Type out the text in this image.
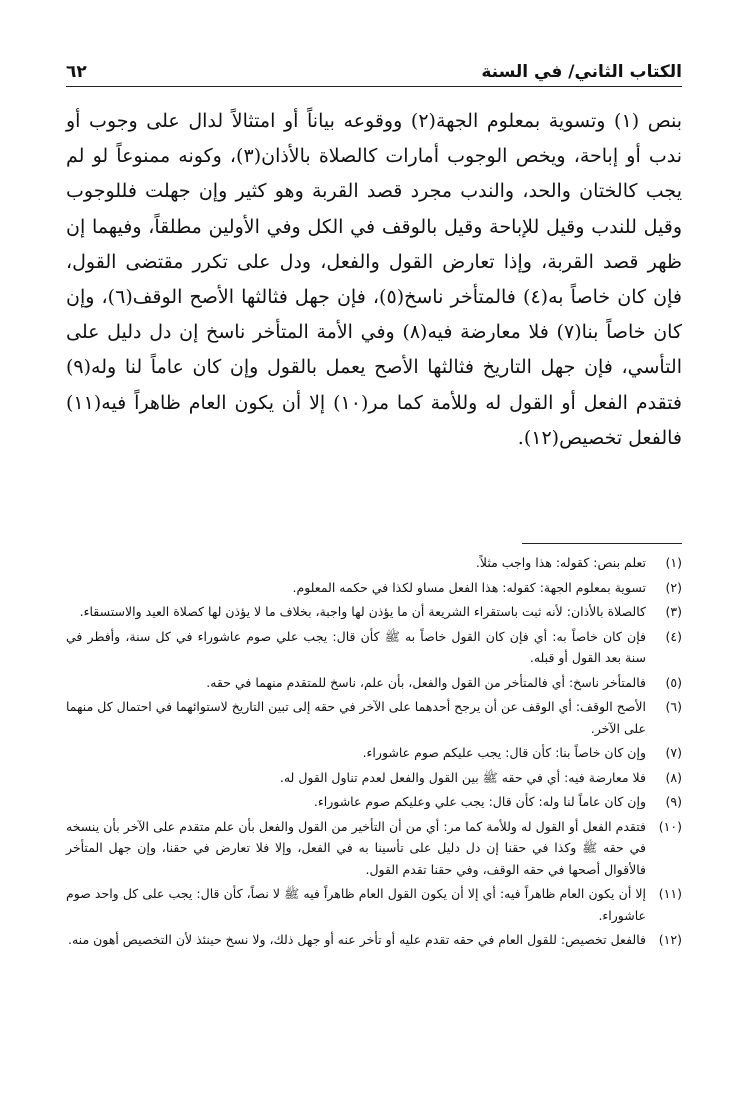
الكتاب الثاني/ في السنة
٦٢

بنص (١) وتسوية بمعلوم الجهة(٢) ووقوعه بياناً أو امتثالاً لدال على وجوب أو ندب أو إباحة، ويخص الوجوب أمارات كالصلاة بالأذان(٣)، وكونه ممنوعاً لو لم يجب كالختان والحد، والندب مجرد قصد القربة وهو كثير وإن جهلت فللوجوب وقيل للندب وقيل للإباحة وقيل بالوقف في الكل وفي الأولين مطلقاً، وفيهما إن ظهر قصد القربة، وإذا تعارض القول والفعل، ودل على تكرر مقتضى القول، فإن كان خاصاً به(٤) فالمتأخر ناسخ(٥)، فإن جهل فثالثها الأصح الوقف(٦)، وإن كان خاصاً بنا(٧) فلا معارضة فيه(٨) وفي الأمة المتأخر ناسخ إن دل دليل على التأسي، فإن جهل التاريخ فثالثها الأصح يعمل بالقول وإن كان عاماً لنا وله(٩) فتقدم الفعل أو القول له وللأمة كما مر(١٠) إلا أن يكون العام ظاهراً فيه(١١) فالفعل تخصيص(١٢).

(١)
تعلم بنص: كقوله: هذا واجب مثلاً.
(٢)
تسوية بمعلوم الجهة: كقوله: هذا الفعل مساو لكذا في حكمه المعلوم.
(٣)
كالصلاة بالأذان: لأنه ثبت باستقراء الشريعة أن ما يؤذن لها واجبة، بخلاف ما لا يؤذن لها كصلاة العيد والاستسقاء.
(٤)
فإن كان خاصاً به: أي فإن كان القول خاصاً به ﷺ كأن قال: يجب علي صوم عاشوراء في كل سنة، وأفطر في سنة بعد القول أو قبله.
(٥)
فالمتأخر ناسخ: أي فالمتأخر من القول والفعل، بأن علم، ناسخ للمتقدم منهما في حقه.
(٦)
الأصح الوقف: أي الوقف عن أن يرجح أحدهما على الآخر في حقه إلى تبين التاريخ لاستوائهما في احتمال كل منهما على الآخر.
(٧)
وإن كان خاصاً بنا: كأن قال: يجب عليكم صوم عاشوراء.
(٨)
فلا معارضة فيه: أي في حقه ﷺ بين القول والفعل لعدم تناول القول له.
(٩)
وإن كان عاماً لنا وله: كأن قال: يجب علي وعليكم صوم عاشوراء.
(١٠)
فتقدم الفعل أو القول له وللأمة كما مر: أي من أن التأخير من القول والفعل بأن علم متقدم على الآخر بأن ينسخه في حقه ﷺ وكذا في حقنا إن دل دليل على تأسينا به في الفعل، وإلا فلا تعارض في حقنا، وإن جهل المتأخر فالأقوال أصحها في حقه الوقف، وفي حقنا تقدم القول.
(١١)
إلا أن يكون العام ظاهراً فيه: أي إلا أن يكون القول العام ظاهراً فيه ﷺ لا نصاً، كأن قال: يجب على كل واحد صوم عاشوراء.
(١٢)
فالفعل تخصيص: للقول العام في حقه تقدم عليه أو تأخر عنه أو جهل ذلك، ولا نسخ حينئذ لأن التخصيص أهون منه.
